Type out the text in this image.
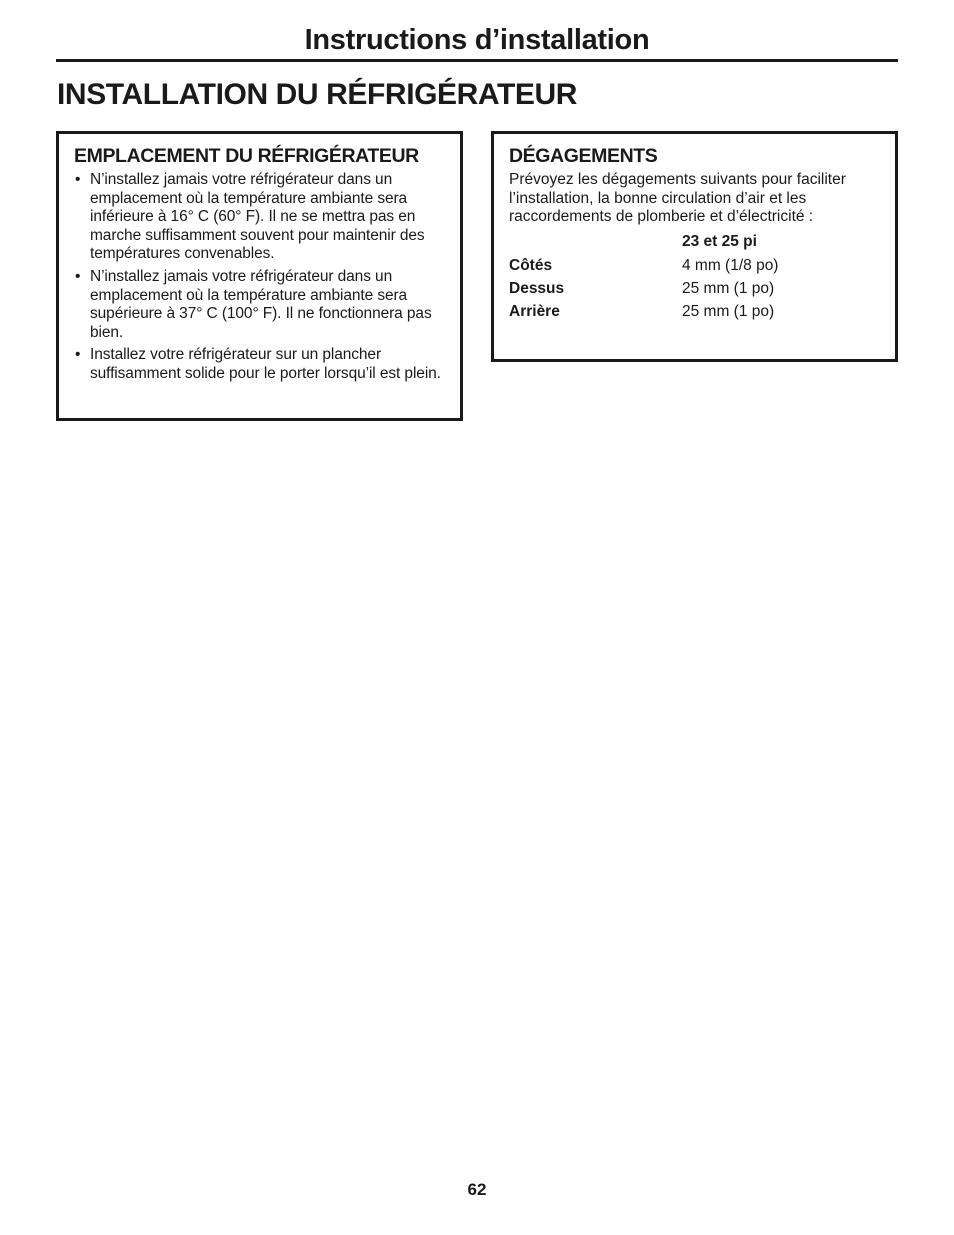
Instructions d’installation
INSTALLATION DU RÉFRIGÉRATEUR
EMPLACEMENT DU RÉFRIGÉRATEUR
• N’installez jamais votre réfrigérateur dans un emplacement où la température ambiante sera inférieure à 16° C (60° F). Il ne se mettra pas en marche suffisamment souvent pour maintenir des températures convenables.
• N’installez jamais votre réfrigérateur dans un emplacement où la température ambiante sera supérieure à 37° C (100° F). Il ne fonctionnera pas bien.
• Installez votre réfrigérateur sur un plancher suffisamment solide pour le porter lorsqu’il est plein.
DÉGAGEMENTS

Prévoyez les dégagements suivants pour faciliter l’installation, la bonne circulation d’air et les raccordements de plomberie et d’électricité :

	23 et 25 pi
Côtés	4 mm (1/8 po)
Dessus	25 mm (1 po)
Arrière	25 mm (1 po)
62
